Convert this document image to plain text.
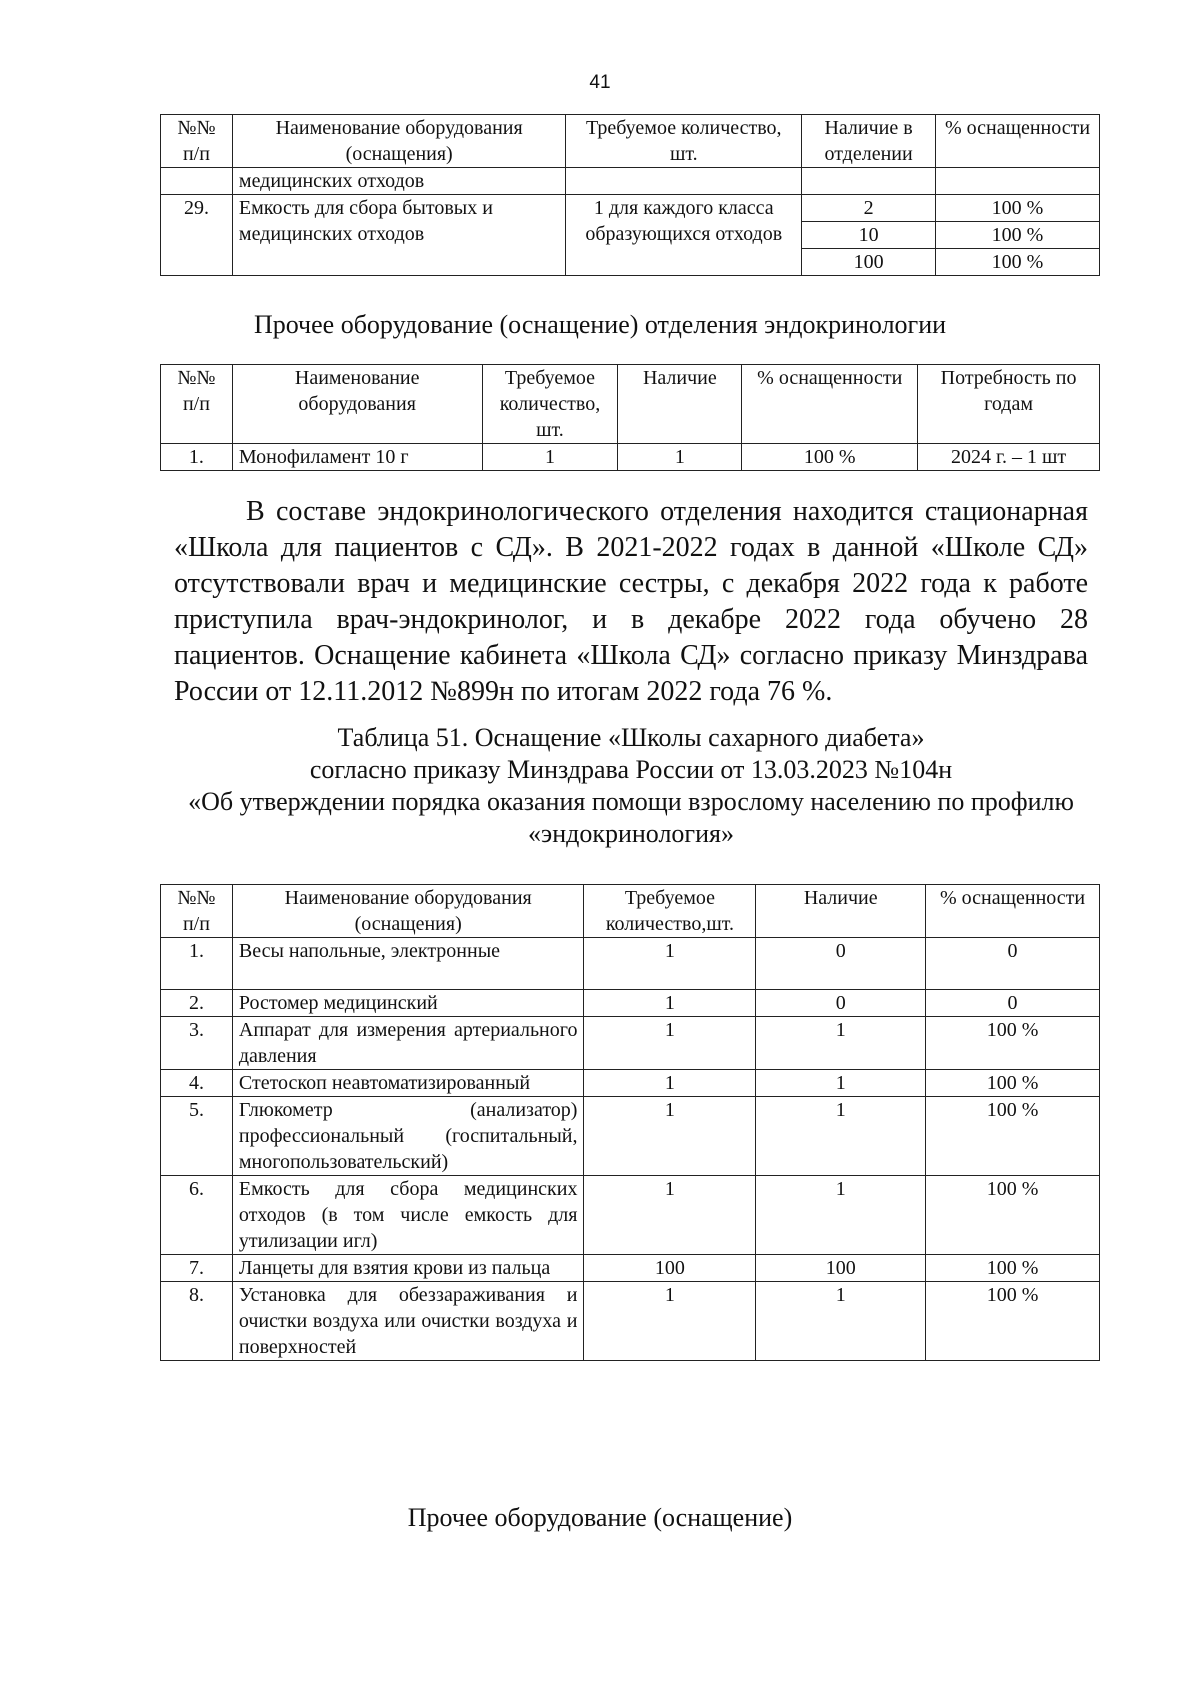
41
№№ п/п	Наименование оборудования (оснащения)	Требуемое количество, шт.	Наличие в отделении	% оснащенности
	медицинских отходов			
29.	Емкость для сбора бытовых и медицинских отходов	1 для каждого класса образующихся отходов	2	100 %
			10	100 %
			100	100 %
Прочее оборудование (оснащение) отделения эндокринологии
№№ п/п	Наименование оборудования	Требуемое количество, шт.	Наличие	% оснащенности	Потребность по годам
1.	Монофиламент 10 г	1	1	100 %	2024 г. – 1 шт
В составе эндокринологического отделения находится стационарная «Школа для пациентов с СД». В 2021-2022 годах в данной «Школе СД» отсутствовали врач и медицинские сестры, с декабря 2022 года к работе приступила врач-эндокринолог, и в декабре 2022 года обучено 28 пациентов. Оснащение кабинета «Школа СД» согласно приказу Минздрава России от 12.11.2012 №899н по итогам 2022 года 76 %.
Таблица 51. Оснащение «Школы сахарного диабета»
согласно приказу Минздрава России от 13.03.2023 №104н
«Об утверждении порядка оказания помощи взрослому населению по профилю «эндокринология»
№№ п/п	Наименование оборудования (оснащения)	Требуемое количество,шт.	Наличие	% оснащенности
1.	Весы напольные, электронные	1	0	0
2.	Ростомер медицинский	1	0	0
3.	Аппарат для измерения артериального давления	1	1	100 %
4.	Стетоскоп неавтоматизированный	1	1	100 %
5.	Глюкометр (анализатор) профессиональный (госпитальный, многопользовательский)	1	1	100 %
6.	Емкость для сбора медицинских отходов (в том числе емкость для утилизации игл)	1	1	100 %
7.	Ланцеты для взятия крови из пальца	100	100	100 %
8.	Установка для обеззараживания и очистки воздуха или очистки воздуха и поверхностей	1	1	100 %
Прочее оборудование (оснащение)
